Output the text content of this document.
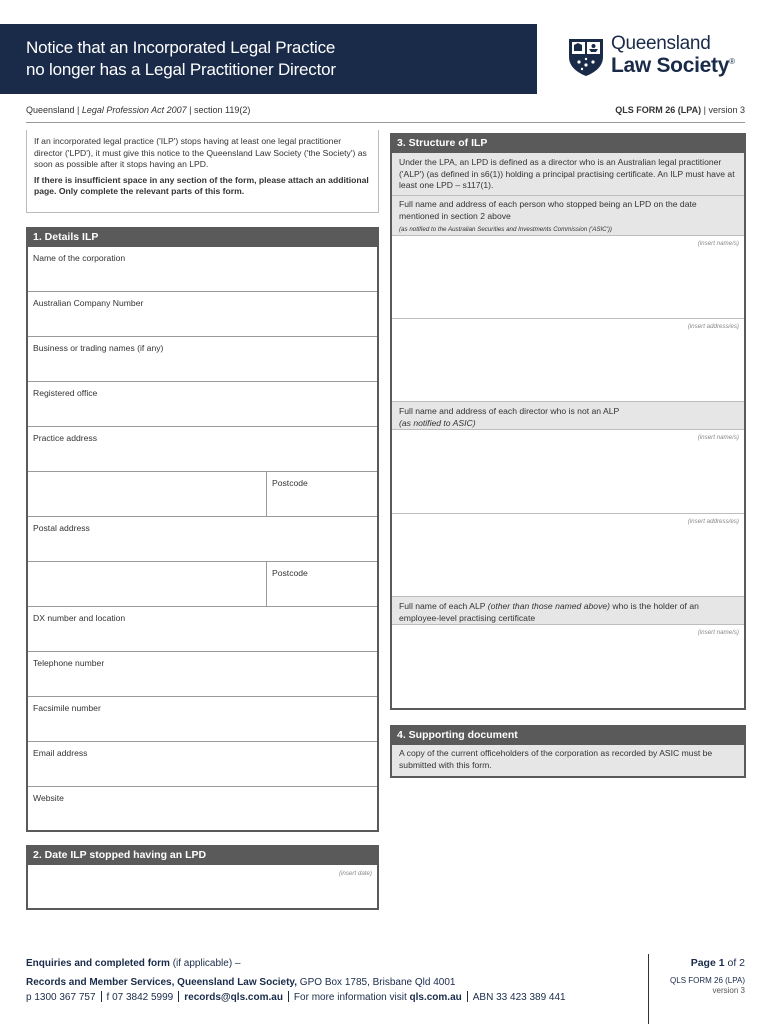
Notice that an Incorporated Legal Practice
no longer has a Legal Practitioner Director
Queensland
Law Society®
Queensland | Legal Profession Act 2007 | section 119(2)	QLS FORM 26 (LPA) | version 3

If an incorporated legal practice ('ILP') stops having at least one legal practitioner director ('LPD'), it must give this notice to the Queensland Law Society ('the Society') as soon as possible after it stops having an LPD.

If there is insufficient space in any section of the form, please attach an additional page. Only complete the relevant parts of this form.

1. Details ILP
Name of the corporation
Australian Company Number
Business or trading names (if any)
Registered office
Practice address
Postcode
Postal address
Postcode
DX number and location
Telephone number
Facsimile number
Email address
Website
2. Date ILP stopped having an LPD
(insert date)
3. Structure of ILP
Under the LPA, an LPD is defined as a director who is an Australian legal practitioner ('ALP') (as defined in s6(1)) holding a principal practising certificate. An ILP must have at least one LPD – s117(1).
Full name and address of each person who stopped being an LPD on the date mentioned in section 2 above
(as notified to the Australian Securities and Investments Commission ('ASIC'))
(insert name/s)
(insert address/es)
Full name and address of each director who is not an ALP
(as notified to ASIC)
(insert name/s)
(insert address/es)
Full name of each ALP (other than those named above) who is the holder of an employee-level practising certificate
(insert name/s)
4. Supporting document
A copy of the current officeholders of the corporation as recorded by ASIC must be submitted with this form.
Enquiries and completed form (if applicable) –
Records and Member Services, Queensland Law Society, GPO Box 1785, Brisbane Qld 4001
p 1300 367 757 f 07 3842 5999 records@qls.com.au For more information visit qls.com.au ABN 33 423 389 441
Page 1 of 2
QLS FORM 26 (LPA)
version 3
